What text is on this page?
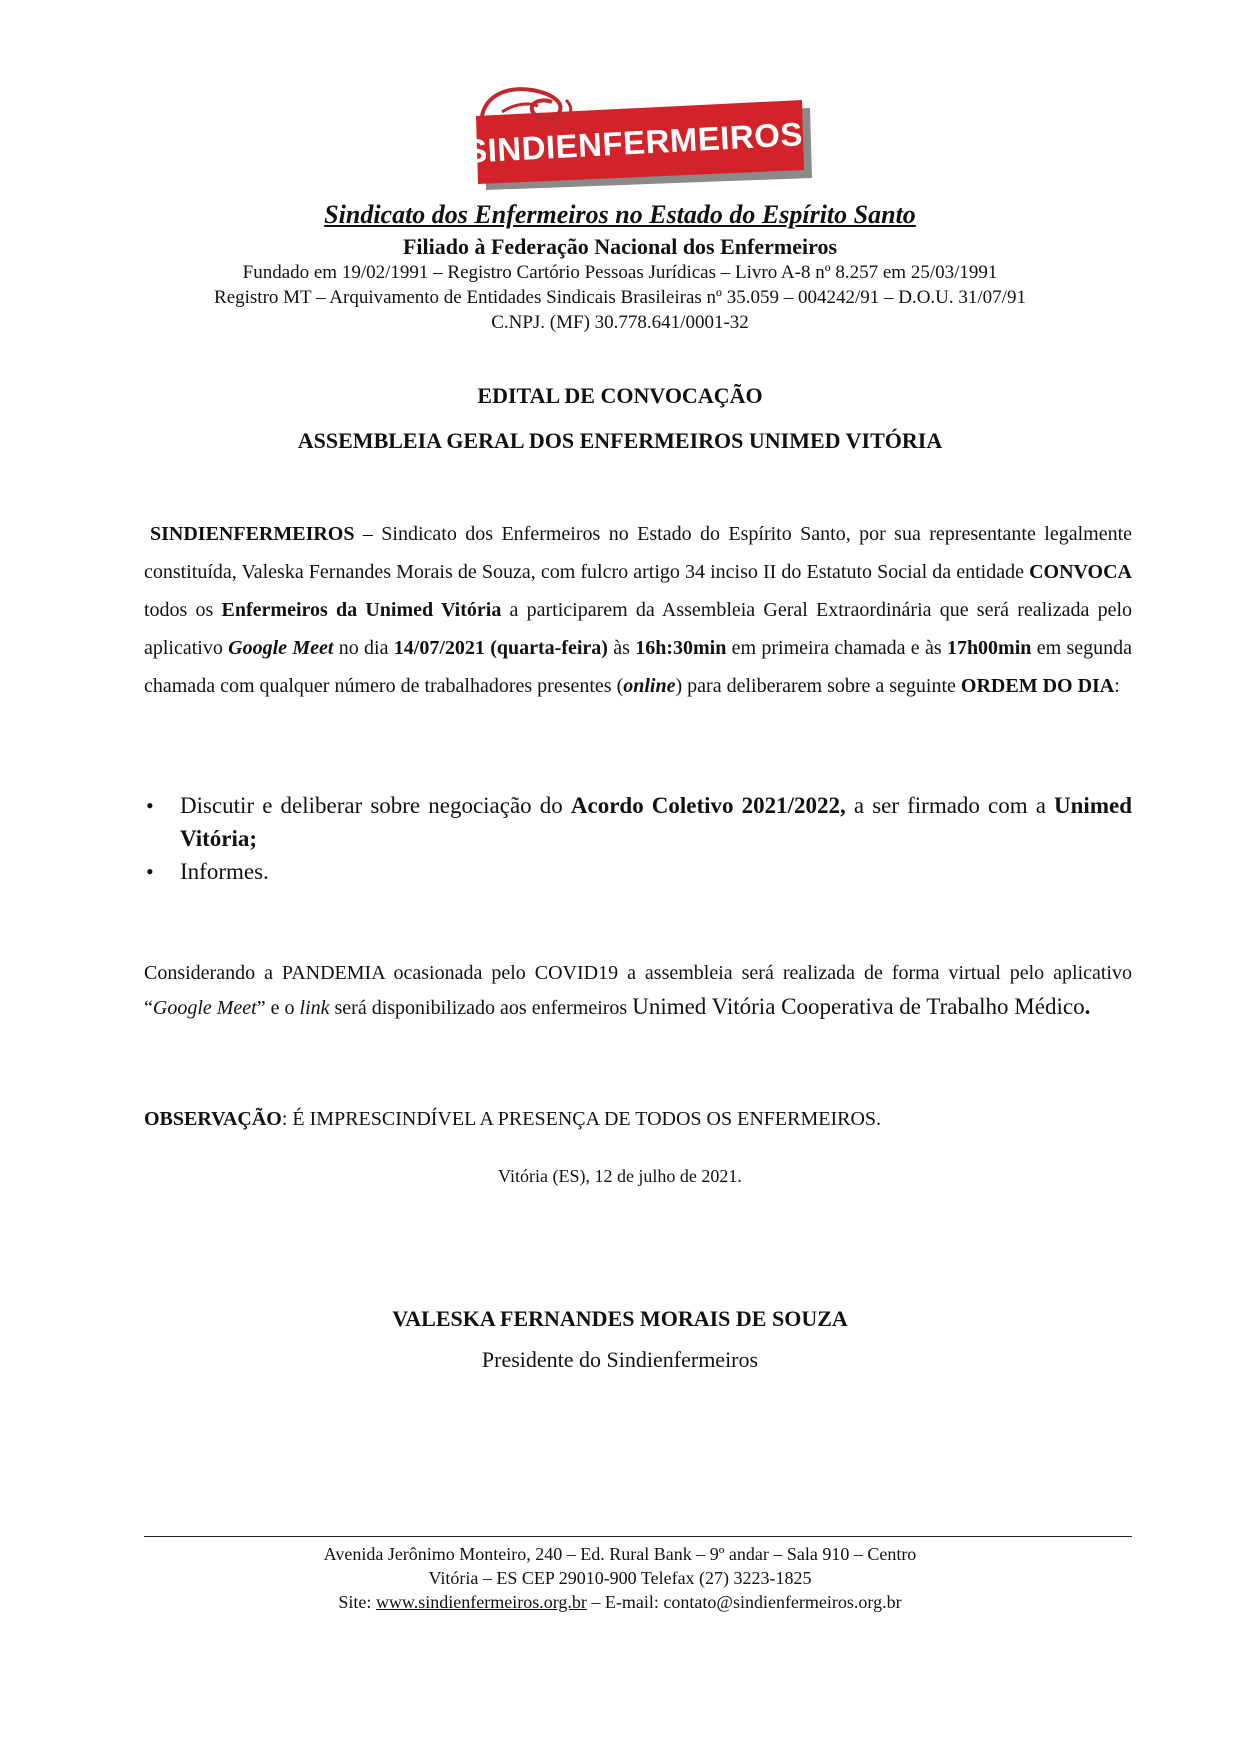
SINDIENFERMEIROS
Sindicato dos Enfermeiros no Estado do Espírito Santo
Filiado à Federação Nacional dos Enfermeiros
Fundado em 19/02/1991 – Registro Cartório Pessoas Jurídicas – Livro A-8 nº 8.257 em 25/03/1991
Registro MT – Arquivamento de Entidades Sindicais Brasileiras nº 35.059 – 004242/91 – D.O.U. 31/07/91
C.NPJ. (MF) 30.778.641/0001-32
EDITAL DE CONVOCAÇÃO
ASSEMBLEIA GERAL DOS ENFERMEIROS UNIMED VITÓRIA
SINDIENFERMEIROS – Sindicato dos Enfermeiros no Estado do Espírito Santo, por sua representante legalmente constituída, Valeska Fernandes Morais de Souza, com fulcro artigo 34 inciso II do Estatuto Social da entidade CONVOCA todos os Enfermeiros da Unimed Vitória a participarem da Assembleia Geral Extraordinária que será realizada pelo aplicativo Google Meet no dia 14/07/2021 (quarta-feira) às 16h:30min em primeira chamada e às 17h00min em segunda chamada com qualquer número de trabalhadores presentes (online) para deliberarem sobre a seguinte ORDEM DO DIA:
• Discutir e deliberar sobre negociação do Acordo Coletivo 2021/2022, a ser firmado com a Unimed Vitória;
• Informes.
Considerando a PANDEMIA ocasionada pelo COVID19 a assembleia será realizada de forma virtual pelo aplicativo “Google Meet” e o link será disponibilizado aos enfermeiros Unimed Vitória Cooperativa de Trabalho Médico.
OBSERVAÇÃO: É IMPRESCINDÍVEL A PRESENÇA DE TODOS OS ENFERMEIROS.
Vitória (ES), 12 de julho de 2021.
VALESKA FERNANDES MORAIS DE SOUZA
Presidente do Sindienfermeiros
Avenida Jerônimo Monteiro, 240 – Ed. Rural Bank – 9º andar – Sala 910 – Centro
Vitória – ES CEP 29010-900 Telefax (27) 3223-1825
Site: www.sindienfermeiros.org.br – E-mail: contato@sindienfermeiros.org.br
